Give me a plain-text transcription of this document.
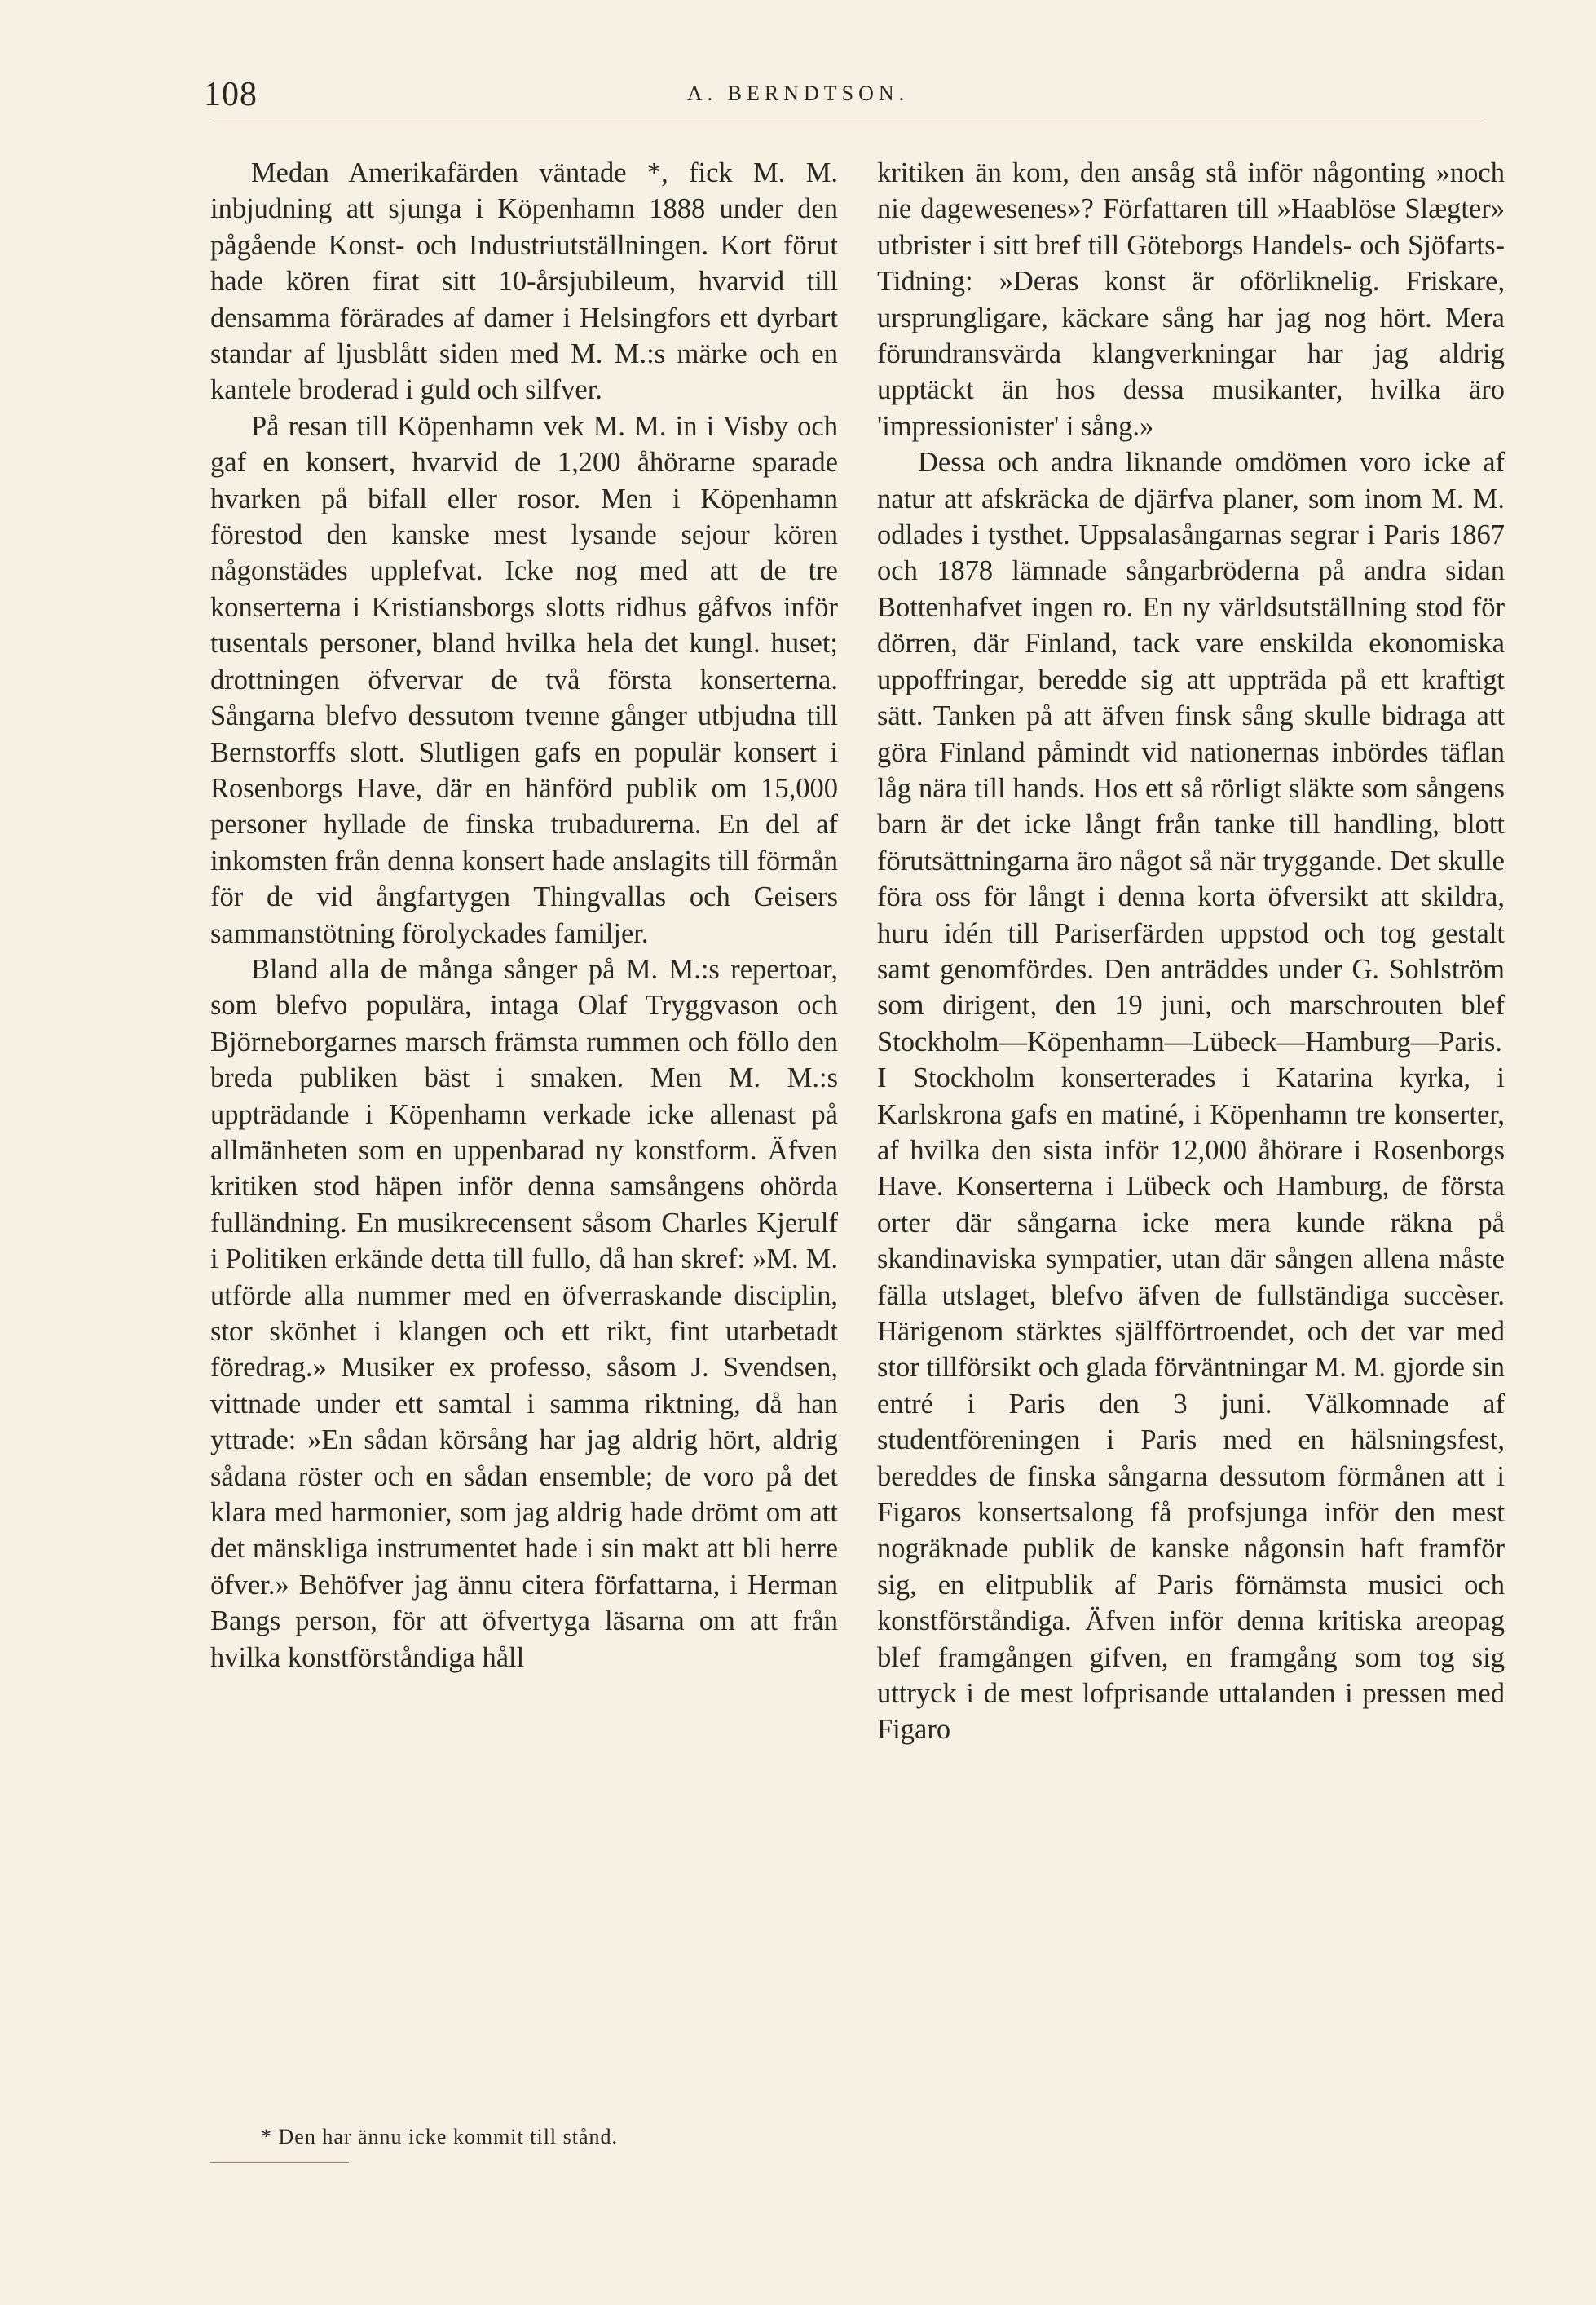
108	A. BERNDTSON.

Medan Amerikafärden väntade *, fick M. M. inbjudning att sjunga i Köpenhamn 1888 under den pågående Konst- och Industriutställningen. Kort förut hade kören firat sitt 10-årsjubileum, hvarvid till densamma förärades af damer i Helsingfors ett dyrbart standar af ljusblått siden med M. M.:s märke och en kantele broderad i guld och silfver.

På resan till Köpenhamn vek M. M. in i Visby och gaf en konsert, hvarvid de 1,200 åhörarne sparade hvarken på bifall eller rosor. Men i Köpenhamn förestod den kanske mest lysande sejour kören någonstädes upplefvat. Icke nog med att de tre konserterna i Kristiansborgs slotts ridhus gåfvos inför tusentals personer, bland hvilka hela det kungl. huset; drottningen öfvervar de två första konserterna. Sångarna blefvo dessutom tvenne gånger utbjudna till Bernstorffs slott. Slutligen gafs en populär konsert i Rosenborgs Have, där en hänförd publik om 15,000 personer hyllade de finska trubadurerna. En del af inkomsten från denna konsert hade anslagits till förmån för de vid ångfartygen Thingvallas och Geisers sammanstötning förolyckades familjer.

Bland alla de många sånger på M. M.:s repertoar, som blefvo populära, intaga Olaf Tryggvason och Björneborgarnes marsch främsta rummen och föllo den breda publiken bäst i smaken. Men M. M.:s uppträdande i Köpenhamn verkade icke allenast på allmänheten som en uppenbarad ny konstform. Äfven kritiken stod häpen inför denna samsångens ohörda fulländning. En musikrecensent såsom Charles Kjerulf i Politiken erkände detta till fullo, då han skref: »M. M. utförde alla nummer med en öfverraskande disciplin, stor skönhet i klangen och ett rikt, fint utarbetadt föredrag.» Musiker ex professo, såsom J. Svendsen, vittnade under ett samtal i samma riktning, då han yttrade: »En sådan körsång har jag aldrig hört, aldrig sådana röster och en sådan ensemble; de voro på det klara med harmonier, som jag aldrig hade drömt om att det mänskliga instrumentet hade i sin makt att bli herre öfver.» Behöfver jag ännu citera författarna, i Herman Bangs person, för att öfvertyga läsarna om att från hvilka konstförståndiga håll

kritiken än kom, den ansåg stå inför någonting »noch nie dagewesenes»? Författaren till »Haablöse Slægter» utbrister i sitt bref till Göteborgs Handels- och Sjöfarts-Tidning: »Deras konst är oförliknelig. Friskare, ursprungligare, käckare sång har jag nog hört. Mera förundransvärda klangverkningar har jag aldrig upptäckt än hos dessa musikanter, hvilka äro 'impressionister' i sång.»

Dessa och andra liknande omdömen voro icke af natur att afskräcka de djärfva planer, som inom M. M. odlades i tysthet. Uppsalasångarnas segrar i Paris 1867 och 1878 lämnade sångarbröderna på andra sidan Bottenhafvet ingen ro. En ny världsutställning stod för dörren, där Finland, tack vare enskilda ekonomiska uppoffringar, beredde sig att uppträda på ett kraftigt sätt. Tanken på att äfven finsk sång skulle bidraga att göra Finland påmindt vid nationernas inbördes täflan låg nära till hands. Hos ett så rörligt släkte som sångens barn är det icke långt från tanke till handling, blott förutsättningarna äro något så när tryggande. Det skulle föra oss för långt i denna korta öfversikt att skildra, huru idén till Pariserfärden uppstod och tog gestalt samt genomfördes. Den anträddes under G. Sohlström som dirigent, den 19 juni, och marschrouten blef Stockholm—Köpenhamn—Lübeck—Hamburg—Paris. I Stockholm konserterades i Katarina kyrka, i Karlskrona gafs en matiné, i Köpenhamn tre konserter, af hvilka den sista inför 12,000 åhörare i Rosenborgs Have. Konserterna i Lübeck och Hamburg, de första orter där sångarna icke mera kunde räkna på skandinaviska sympatier, utan där sången allena måste fälla utslaget, blefvo äfven de fullständiga succèser. Härigenom stärktes själfförtroendet, och det var med stor tillförsikt och glada förväntningar M. M. gjorde sin entré i Paris den 3 juni. Välkomnade af studentföreningen i Paris med en hälsningsfest, bereddes de finska sångarna dessutom förmånen att i Figaros konsertsalong få profsjunga inför den mest nogräknade publik de kanske någonsin haft framför sig, en elitpublik af Paris förnämsta musici och konstförståndiga. Äfven inför denna kritiska areopag blef framgången gifven, en framgång som tog sig uttryck i de mest lofprisande uttalanden i pressen med Figaro

* Den har ännu icke kommit till stånd.
